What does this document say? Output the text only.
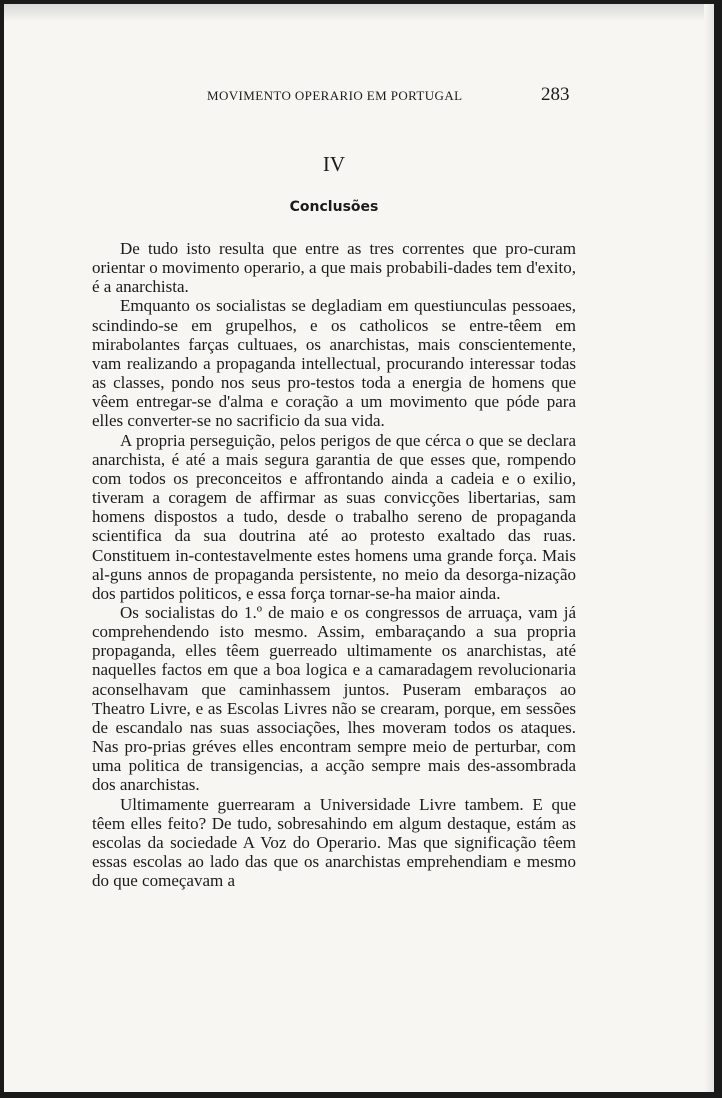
MOVIMENTO OPERARIO EM PORTUGAL	283
IV
Conclusões

De tudo isto resulta que entre as tres correntes que pro-curam orientar o movimento operario, a que mais probabili-dades tem d'exito, é a anarchista.

Emquanto os socialistas se degladiam em questiunculas pessoaes, scindindo-se em grupelhos, e os catholicos se entre-têem em mirabolantes farças cultuaes, os anarchistas, mais conscientemente, vam realizando a propaganda intellectual, procurando interessar todas as classes, pondo nos seus pro-testos toda a energia de homens que vêem entregar-se d'alma e coração a um movimento que póde para elles converter-se no sacrificio da sua vida.

A propria perseguição, pelos perigos de que cérca o que se declara anarchista, é até a mais segura garantia de que esses que, rompendo com todos os preconceitos e affrontando ainda a cadeia e o exilio, tiveram a coragem de affirmar as suas convicções libertarias, sam homens dispostos a tudo, desde o trabalho sereno de propaganda scientifica da sua doutrina até ao protesto exaltado das ruas. Constituem in-contestavelmente estes homens uma grande força. Mais al-guns annos de propaganda persistente, no meio da desorga-nização dos partidos politicos, e essa força tornar-se-ha maior ainda.

Os socialistas do 1.º de maio e os congressos de arruaça, vam já comprehendendo isto mesmo. Assim, embaraçando a sua propria propaganda, elles têem guerreado ultimamente os anarchistas, até naquelles factos em que a boa logica e a camaradagem revolucionaria aconselhavam que caminhassem juntos. Puseram embaraços ao Theatro Livre, e as Escolas Livres não se crearam, porque, em sessões de escandalo nas suas associações, lhes moveram todos os ataques. Nas pro-prias gréves elles encontram sempre meio de perturbar, com uma politica de transigencias, a acção sempre mais des-assombrada dos anarchistas.

Ultimamente guerrearam a Universidade Livre tambem. E que têem elles feito? De tudo, sobresahindo em algum destaque, estám as escolas da sociedade A Voz do Operario. Mas que significação têem essas escolas ao lado das que os anarchistas emprehendiam e mesmo do que começavam a
